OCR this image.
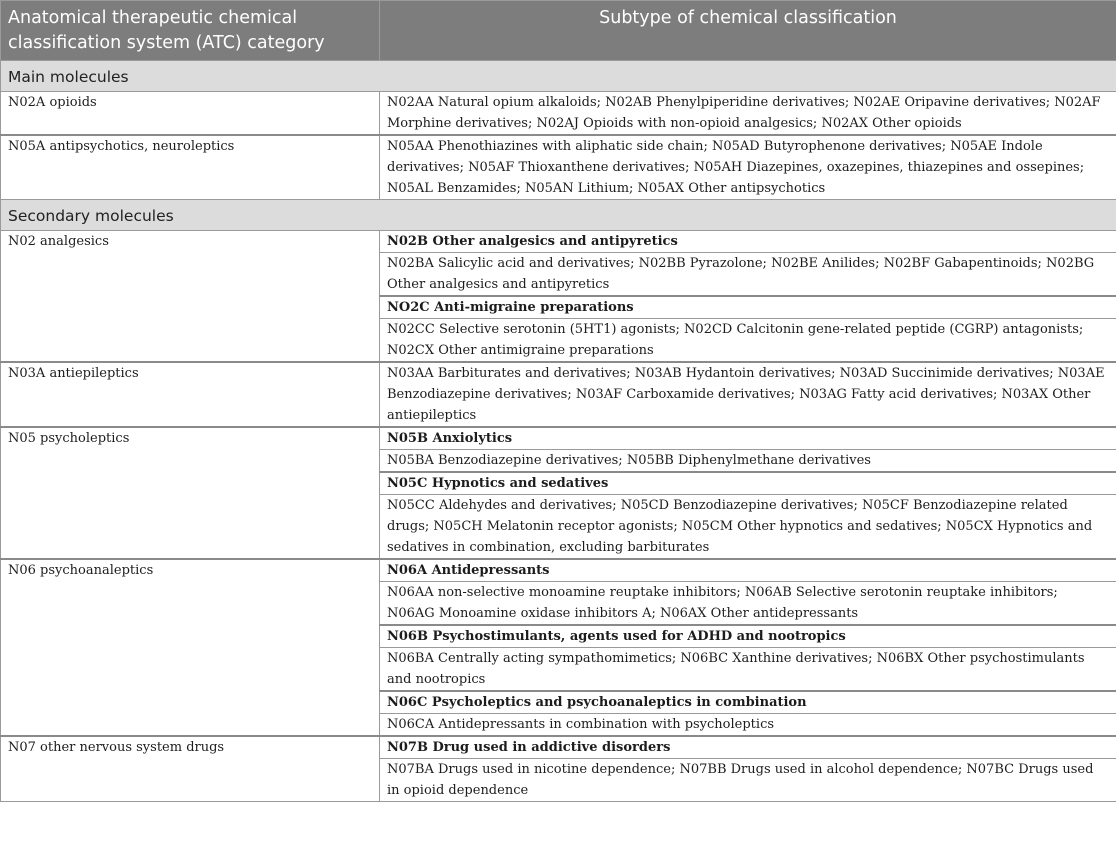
Anatomical therapeutic chemical classification system (ATC) category	Subtype of chemical classification
Main molecules	
N02A opioids	N02AA Natural opium alkaloids; N02AB Phenylpiperidine derivatives; N02AE Oripavine derivatives; N02AF Morphine derivatives; N02AJ Opioids with non-opioid analgesics; N02AX Other opioids
N05A antipsychotics, neuroleptics	N05AA Phenothiazines with aliphatic side chain; N05AD Butyrophenone derivatives; N05AE Indole derivatives; N05AF Thioxanthene derivatives; N05AH Diazepines, oxazepines, thiazepines and ossepines; N05AL Benzamides; N05AN Lithium; N05AX Other antipsychotics
Secondary molecules	
N02 analgesics	N02B Other analgesics and antipyretics
	N02BA Salicylic acid and derivatives; N02BB Pyrazolone; N02BE Anilides; N02BF Gabapentinoids; N02BG Other analgesics and antipyretics
	NO2C Anti-migraine preparations
	N02CC Selective serotonin (5HT1) agonists; N02CD Calcitonin gene-related peptide (CGRP) antagonists; N02CX Other antimigraine preparations
N03A antiepileptics	N03AA Barbiturates and derivatives; N03AB Hydantoin derivatives; N03AD Succinimide derivatives; N03AE Benzodiazepine derivatives; N03AF Carboxamide derivatives; N03AG Fatty acid derivatives; N03AX Other antiepileptics
N05 psycholeptics	N05B Anxiolytics
	N05BA Benzodiazepine derivatives; N05BB Diphenylmethane derivatives
	N05C Hypnotics and sedatives
	N05CC Aldehydes and derivatives; N05CD Benzodiazepine derivatives; N05CF Benzodiazepine related drugs; N05CH Melatonin receptor agonists; N05CM Other hypnotics and sedatives; N05CX Hypnotics and sedatives in combination, excluding barbiturates
N06 psychoanaleptics	N06A Antidepressants
	N06AA non-selective monoamine reuptake inhibitors; N06AB Selective serotonin reuptake inhibitors; N06AG Monoamine oxidase inhibitors A; N06AX Other antidepressants
	N06B Psychostimulants, agents used for ADHD and nootropics
	N06BA Centrally acting sympathomimetics; N06BC Xanthine derivatives; N06BX Other psychostimulants and nootropics
	N06C Psycholeptics and psychoanaleptics in combination
	N06CA Antidepressants in combination with psycholeptics
N07 other nervous system drugs	N07B Drug used in addictive disorders
	N07BA Drugs used in nicotine dependence; N07BB Drugs used in alcohol dependence; N07BC Drugs used in opioid dependence
